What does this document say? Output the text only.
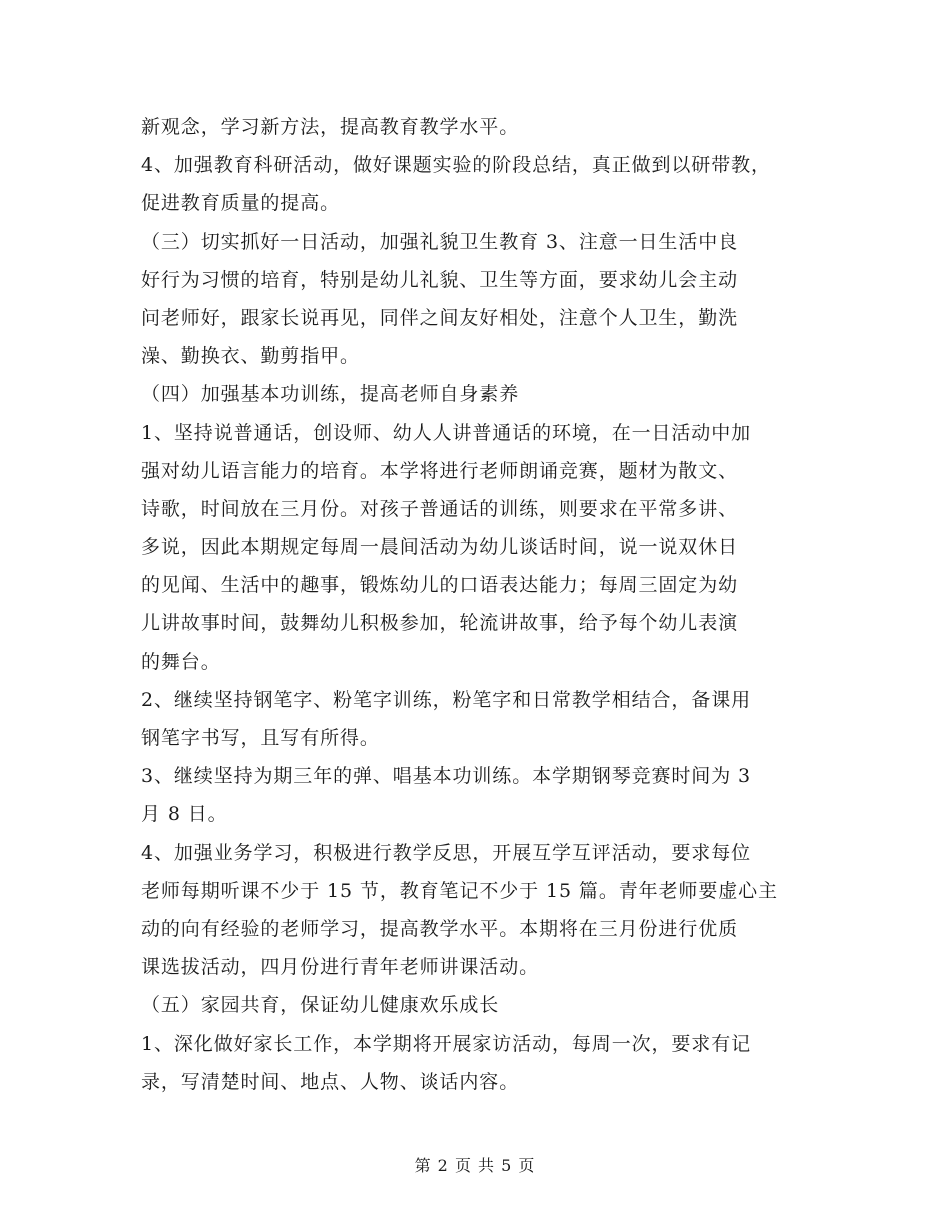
新观念，学习新方法，提高教育教学水平。
4、加强教育科研活动，做好课题实验的阶段总结，真正做到以研带教，
促进教育质量的提高。
（三）切实抓好一日活动，加强礼貌卫生教育 3、注意一日生活中良
好行为习惯的培育，特别是幼儿礼貌、卫生等方面，要求幼儿会主动
问老师好，跟家长说再见，同伴之间友好相处，注意个人卫生，勤洗
澡、勤换衣、勤剪指甲。
（四）加强基本功训练，提高老师自身素养
1、坚持说普通话，创设师、幼人人讲普通话的环境，在一日活动中加
强对幼儿语言能力的培育。本学将进行老师朗诵竞赛，题材为散文、
诗歌，时间放在三月份。对孩子普通话的训练，则要求在平常多讲、
多说，因此本期规定每周一晨间活动为幼儿谈话时间，说一说双休日
的见闻、生活中的趣事，锻炼幼儿的口语表达能力；每周三固定为幼
儿讲故事时间，鼓舞幼儿积极参加，轮流讲故事，给予每个幼儿表演
的舞台。
2、继续坚持钢笔字、粉笔字训练，粉笔字和日常教学相结合，备课用
钢笔字书写，且写有所得。
3、继续坚持为期三年的弹、唱基本功训练。本学期钢琴竞赛时间为 3
月 8 日。
4、加强业务学习，积极进行教学反思，开展互学互评活动，要求每位
老师每期听课不少于 15 节，教育笔记不少于 15 篇。青年老师要虚心主
动的向有经验的老师学习，提高教学水平。本期将在三月份进行优质
课选拔活动，四月份进行青年老师讲课活动。
（五）家园共育，保证幼儿健康欢乐成长
1、深化做好家长工作，本学期将开展家访活动，每周一次，要求有记
录，写清楚时间、地点、人物、谈话内容。
第 2 页 共 5 页
